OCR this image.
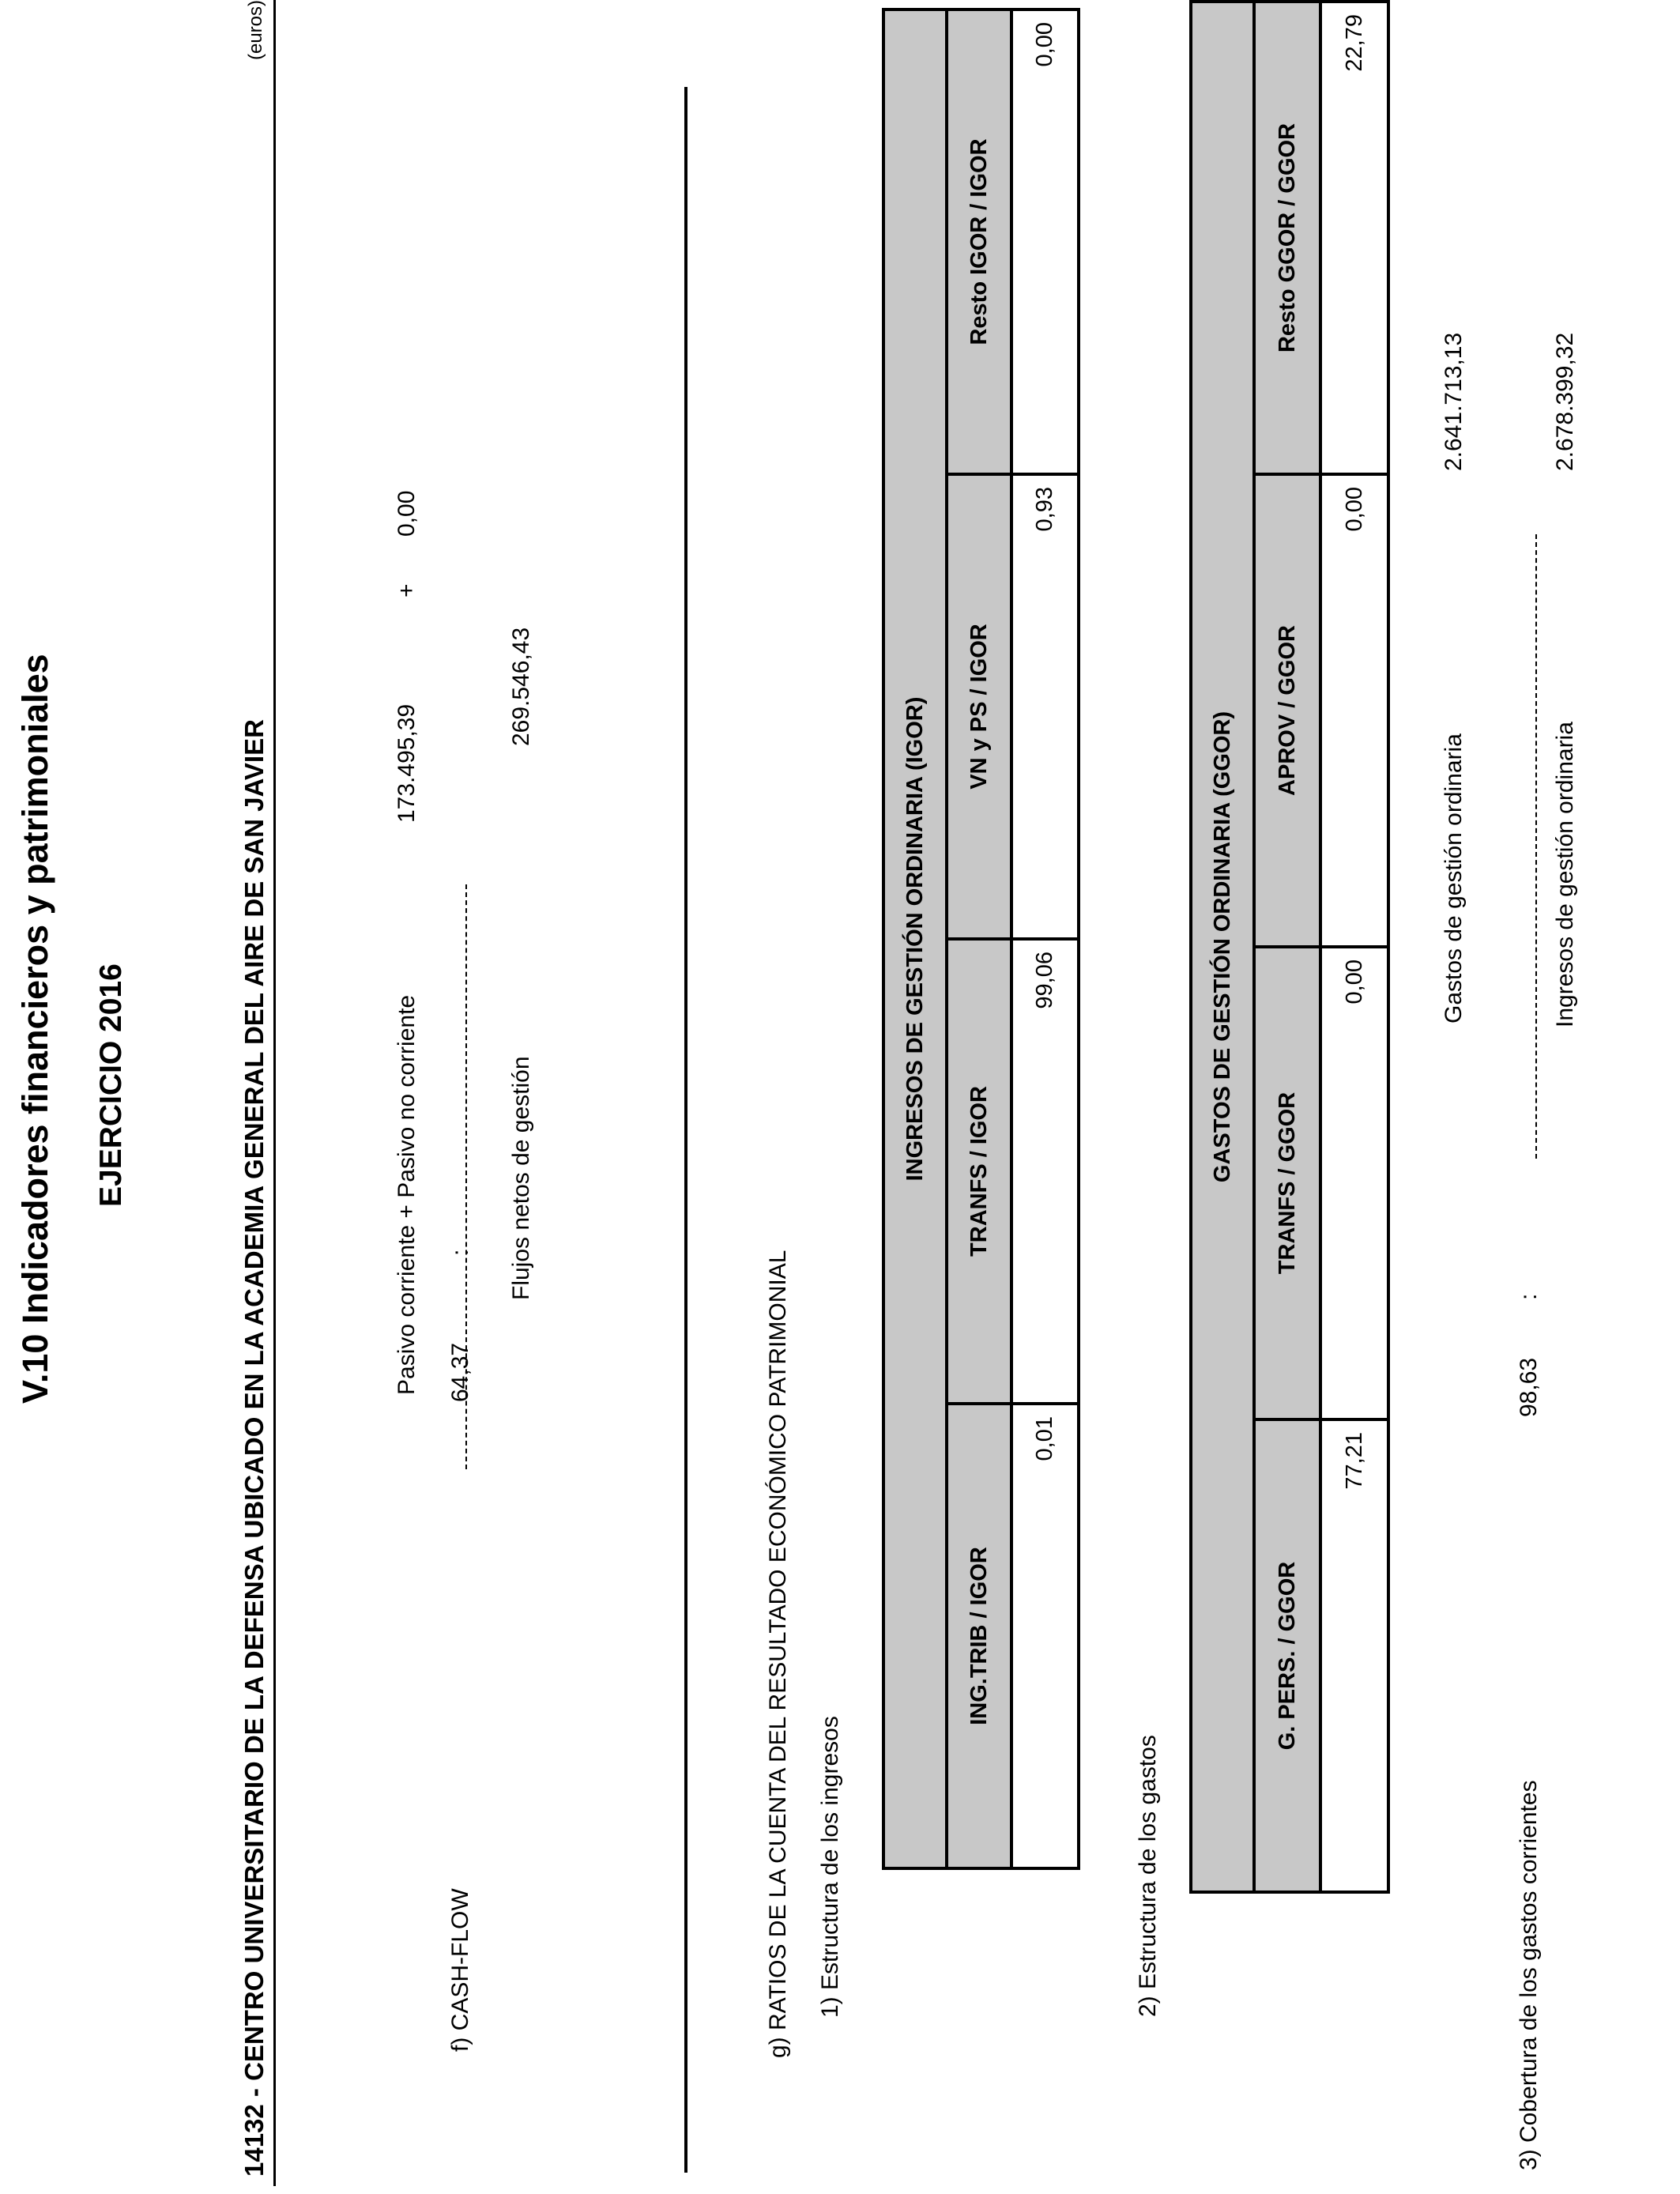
V.10 Indicadores financieros y patrimoniales EJERCICIO 2016	14132 - CENTRO UNIVERSITARIO DE LA DEFENSA UBICADO EN LA ACADEMIA GENERAL DEL AIRE DE SAN JAVIER
(euros)
f) CASH-FLOW
64,37
:
Pasivo corriente + Pasivo no corriente
173.495,39
+
0,00
Flujos netos de gestión
269.546,43
g) RATIOS DE LA CUENTA DEL RESULTADO ECONÓMICO PATRIMONIAL 1) Estructura de los ingresos
INGRESOS DE GESTIÓN ORDINARIA (IGOR)			
ING.TRIB / IGOR	TRANFS / IGOR	VN y PS / IGOR	Resto IGOR / IGOR
0,01	99,06	0,93	0,00
2) Estructura de los gastos
GASTOS DE GESTIÓN ORDINARIA (GGOR)			
G. PERS. / GGOR	TRANFS / GGOR	APROV / GGOR	Resto GGOR / GGOR
77,21	0,00	0,00	22,79
3) Cobertura de los gastos corrientes
98,63
:
Gastos de gestión ordinaria
2.641.713,13
Ingresos de gestión ordinaria
2.678.399,32
